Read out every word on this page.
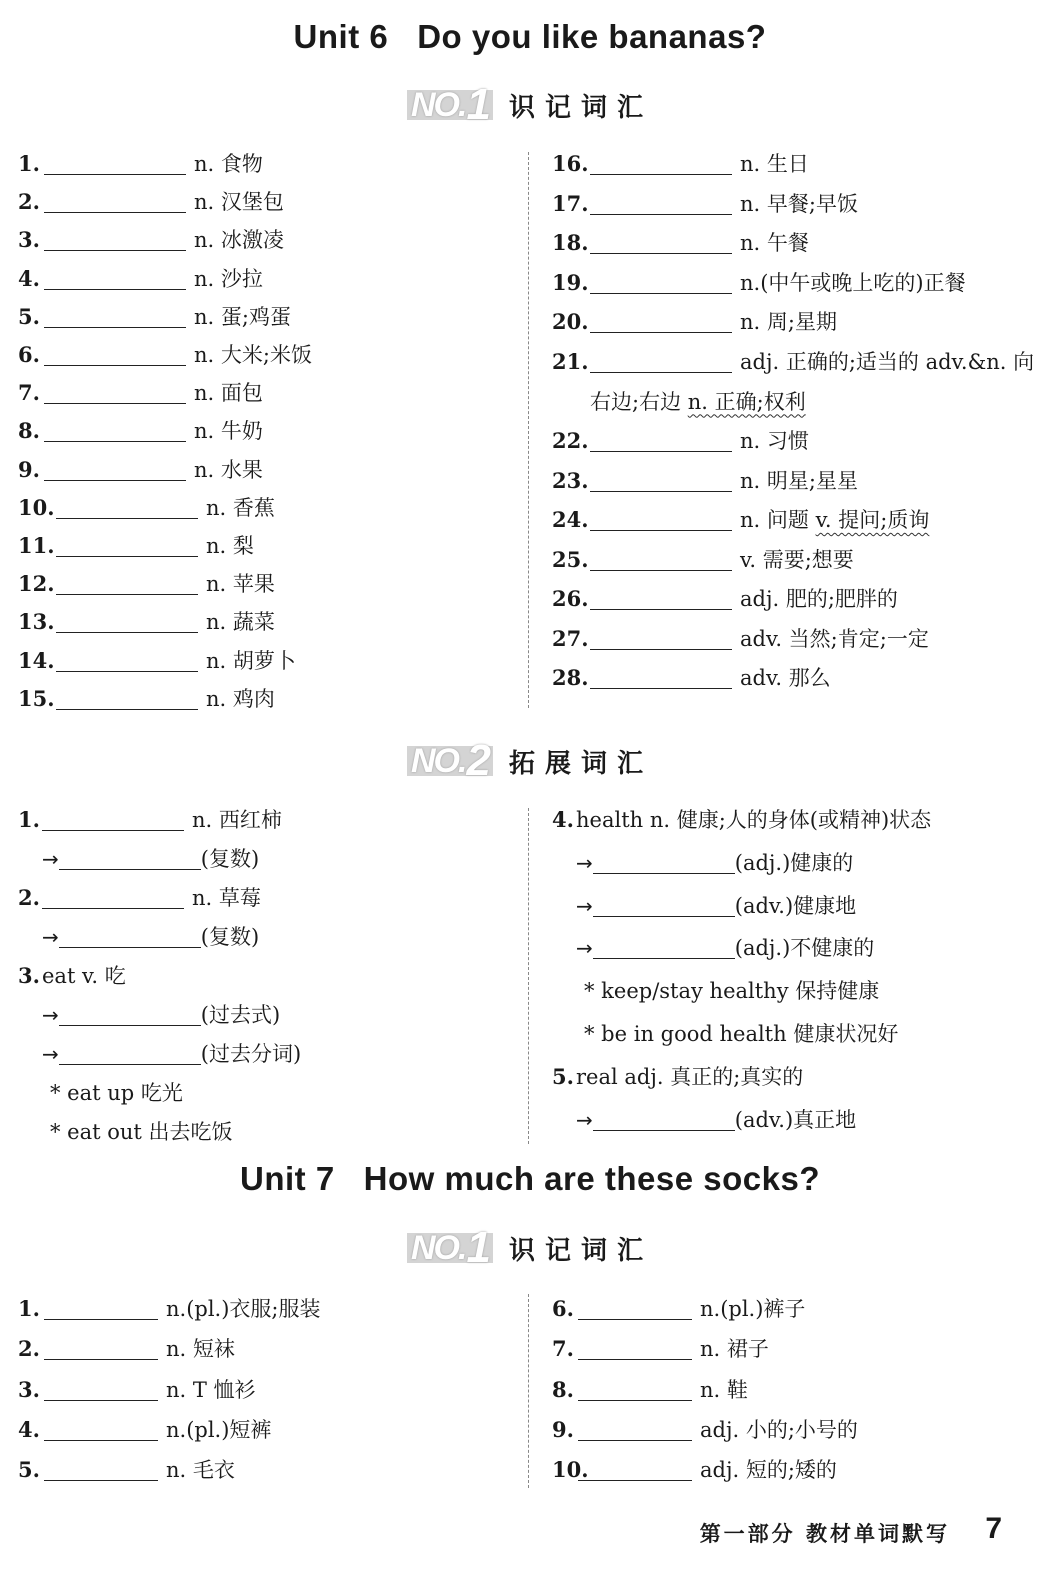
Unit 6   Do you like bananas?
NO. 1 识记词汇
1.	n. 食物
2.	n. 汉堡包
3.	n. 冰激凌
4.	n. 沙拉
5.	n. 蛋;鸡蛋
6.	n. 大米;米饭
7.	n. 面包
8.	n. 牛奶
9.	n. 水果
10.	n. 香蕉
11.	n. 梨
12.	n. 苹果
13.	n. 蔬菜
14.	n. 胡萝卜
15.	n. 鸡肉
16.	n. 生日
17.	n. 早餐;早饭
18.	n. 午餐
19.	n.(中午或晚上吃的)正餐
20.	n. 周;星期
21.	adj. 正确的;适当的 adv.&n. 向
右边;右边 n. 正确;权利
22.	n. 习惯
23.	n. 明星;星星
24.	n. 问题 v. 提问;质询
25.	v. 需要;想要
26.	adj. 肥的;肥胖的
27.	adv. 当然;肯定;一定
28.	adv. 那么
NO. 2 拓展词汇
1.	n. 西红柿
→	(复数)
2.	n. 草莓
→	(复数)
3.eat v. 吃
→	(过去式)
→	(过去分词)
* eat up 吃光
* eat out 出去吃饭
4.health n. 健康;人的身体(或精神)状态
→	(adj.)健康的
→	(adv.)健康地
→	(adj.)不健康的
* keep/stay healthy 保持健康
* be in good health 健康状况好
5.real adj. 真正的;真实的
→	(adv.)真正地
Unit 7   How much are these socks?
NO. 1 识记词汇
1.	n.(pl.)衣服;服装
2.	n. 短袜
3.	n. T 恤衫
4.	n.(pl.)短裤
5.	n. 毛衣
6.	n.(pl.)裤子
7.	n. 裙子
8.	n. 鞋
9.	adj. 小的;小号的
10.	adj. 短的;矮的
第一部分 教材单词默写 7
